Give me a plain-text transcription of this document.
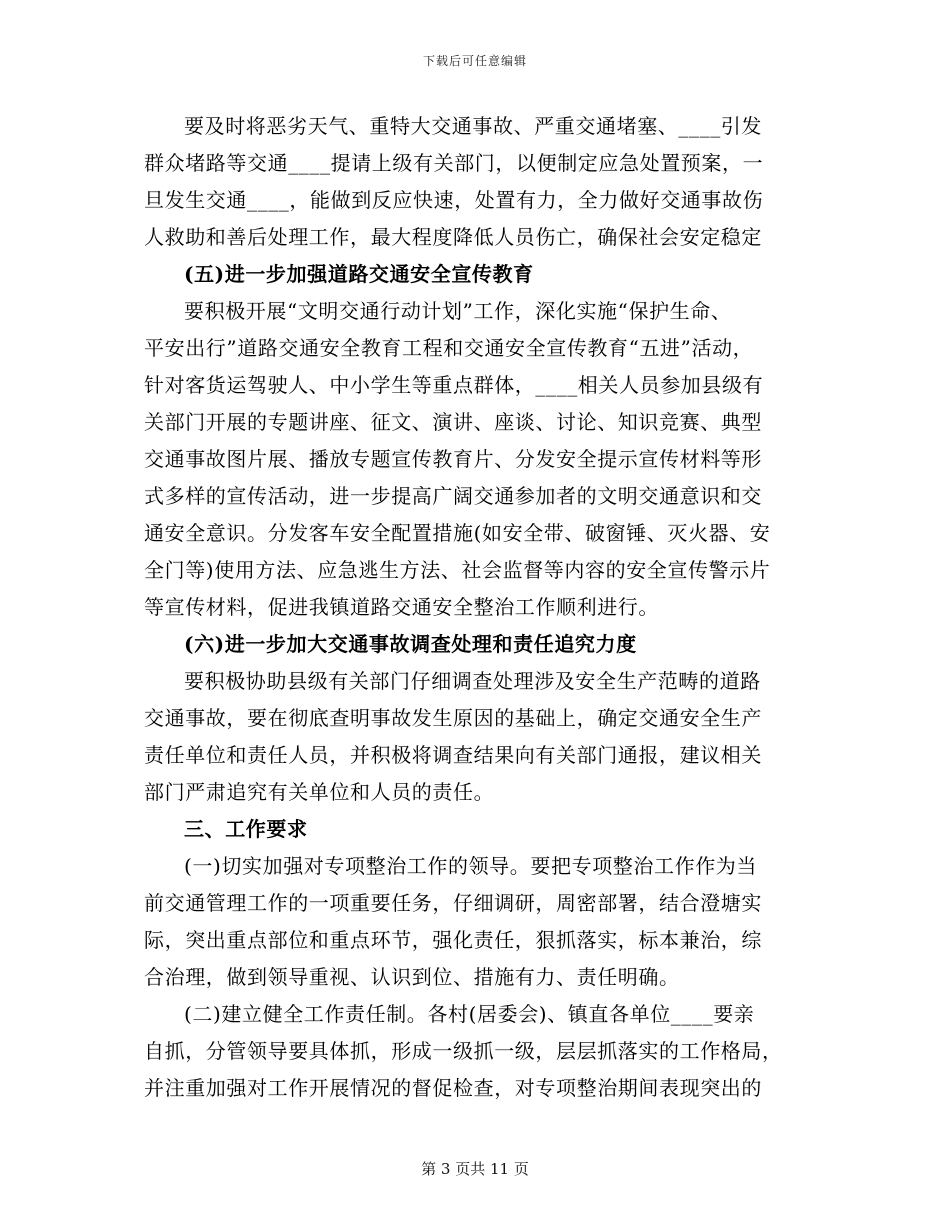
下载后可任意编辑
要及时将恶劣天气、重特大交通事故、严重交通堵塞、____引发
群众堵路等交通____提请上级有关部门，以便制定应急处置预案，一
旦发生交通____，能做到反应快速，处置有力，全力做好交通事故伤
人救助和善后处理工作，最大程度降低人员伤亡，确保社会安定稳定

(五)进一步加强道路交通安全宣传教育

要积极开展“文明交通行动计划”工作，深化实施“保护生命、
平安出行”道路交通安全教育工程和交通安全宣传教育“五进”活动，
针对客货运驾驶人、中小学生等重点群体，____相关人员参加县级有
关部门开展的专题讲座、征文、演讲、座谈、讨论、知识竞赛、典型
交通事故图片展、播放专题宣传教育片、分发安全提示宣传材料等形
式多样的宣传活动，进一步提高广阔交通参加者的文明交通意识和交
通安全意识。分发客车安全配置措施(如安全带、破窗锤、灭火器、安
全门等)使用方法、应急逃生方法、社会监督等内容的安全宣传警示片
等宣传材料，促进我镇道路交通安全整治工作顺利进行。

(六)进一步加大交通事故调查处理和责任追究力度

要积极协助县级有关部门仔细调查处理涉及安全生产范畴的道路
交通事故，要在彻底查明事故发生原因的基础上，确定交通安全生产
责任单位和责任人员，并积极将调查结果向有关部门通报，建议相关
部门严肃追究有关单位和人员的责任。

三、工作要求

(一)切实加强对专项整治工作的领导。要把专项整治工作作为当
前交通管理工作的一项重要任务，仔细调研，周密部署，结合澄塘实
际，突出重点部位和重点环节，强化责任，狠抓落实，标本兼治，综
合治理，做到领导重视、认识到位、措施有力、责任明确。
(二)建立健全工作责任制。各村(居委会)、镇直各单位____要亲
自抓，分管领导要具体抓，形成一级抓一级，层层抓落实的工作格局，
并注重加强对工作开展情况的督促检查，对专项整治期间表现突出的
第 3 页共 11 页
